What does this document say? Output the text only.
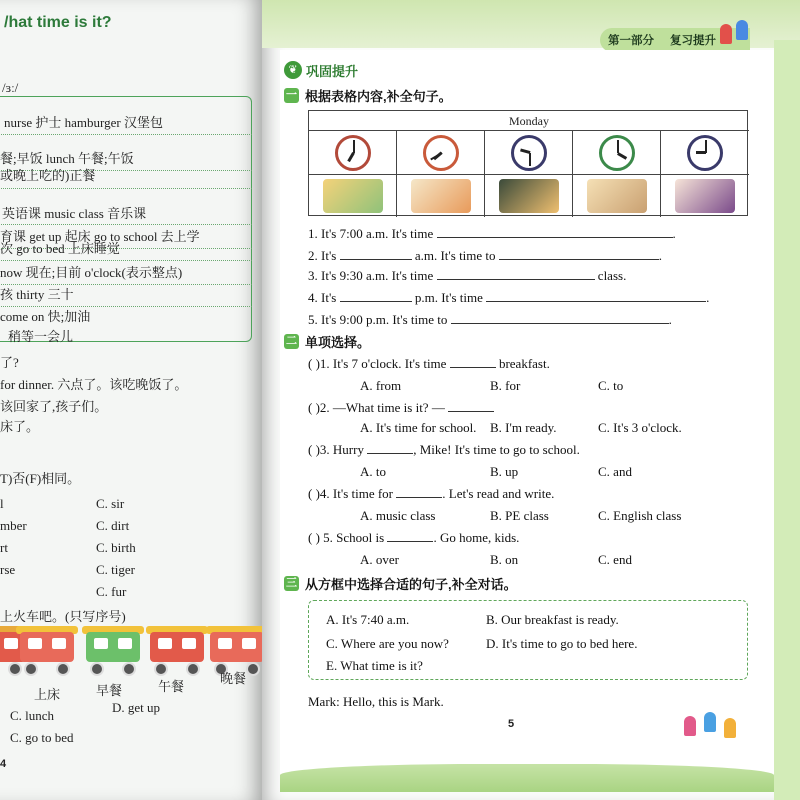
/hat time is it?
/ɜː/
nurse 护士 hamburger 汉堡包
餐;早饭 lunch 午餐;午饭
或晚上吃的)正餐
英语课 music class 音乐课
育课 get up 起床 go to school 去上学
次 go to bed 上床睡觉
now 现在;目前 o'clock(表示整点)
孩 thirty 三十
come on 快;加油
稍等一会儿
了?
for dinner. 六点了。该吃晚饭了。
该回家了,孩子们。
床了。
T)否(F)相同。
l	C. sir
mber	C. dirt
rt	C. birth
rse	C. tiger
C. fur
上火车吧。(只写序号)
上床	早餐	午餐
晚餐
C. lunch
D. get up
C. go to bed
4
第一部分 复习提升
❦ 巩固提升
一 根据表格内容,补全句子。
Monday
1. It's 7:00 a.m. It's time	.
2. It's	a.m. It's time to	.
3. It's 9:30 a.m. It's time	class.
4. It's	p.m. It's time	.
5. It's 9:00 p.m. It's time to	.
二 单项选择。
( )1. It's 7 o'clock. It's time	breakfast.
A. from	B. for	C. to
( )2. —What time is it? —
A. It's time for school. B. I'm ready.	C. It's 3 o'clock.
( )3. Hurry	, Mike! It's time to go to school.
A. to	B. up	C. and
( )4. It's time for	. Let's read and write.
A. music class	B. PE class	C. English class
( ) 5. School is	. Go home, kids.
A. over	B. on	C. end
三 从方框中选择合适的句子,补全对话。
A. It's 7:40 a.m.	B. Our breakfast is ready.
C. Where are you now?	D. It's time to go to bed here.
E. What time is it?
Mark: Hello, this is Mark.
5
